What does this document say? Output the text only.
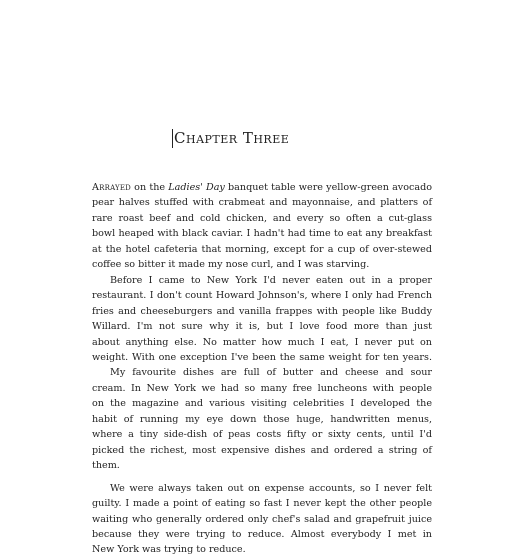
Chapter Three

Arrayed on the Ladies' Day banquet table were yellow-green avocado
pear halves stuffed with crabmeat and mayonnaise, and platters of
rare roast beef and cold chicken, and every so often a cut-glass
bowl heaped with black caviar. I hadn't had time to eat any breakfast
at the hotel cafeteria that morning, except for a cup of over-stewed
coffee so bitter it made my nose curl, and I was starving.

Before I came to New York I'd never eaten out in a proper
restaurant. I don't count Howard Johnson's, where I only had French
fries and cheeseburgers and vanilla frappes with people like Buddy
Willard. I'm not sure why it is, but I love food more than just
about anything else. No matter how much I eat, I never put on
weight. With one exception I've been the same weight for ten years.

My favourite dishes are full of butter and cheese and sour
cream. In New York we had so many free luncheons with people
on the magazine and various visiting celebrities I developed the
habit of running my eye down those huge, handwritten menus,
where a tiny side-dish of peas costs fifty or sixty cents, until I'd
picked the richest, most expensive dishes and ordered a string of
them.

We were always taken out on expense accounts, so I never felt
guilty. I made a point of eating so fast I never kept the other people
waiting who generally ordered only chef's salad and grapefruit juice
because they were trying to reduce. Almost everybody I met in
New York was trying to reduce.
